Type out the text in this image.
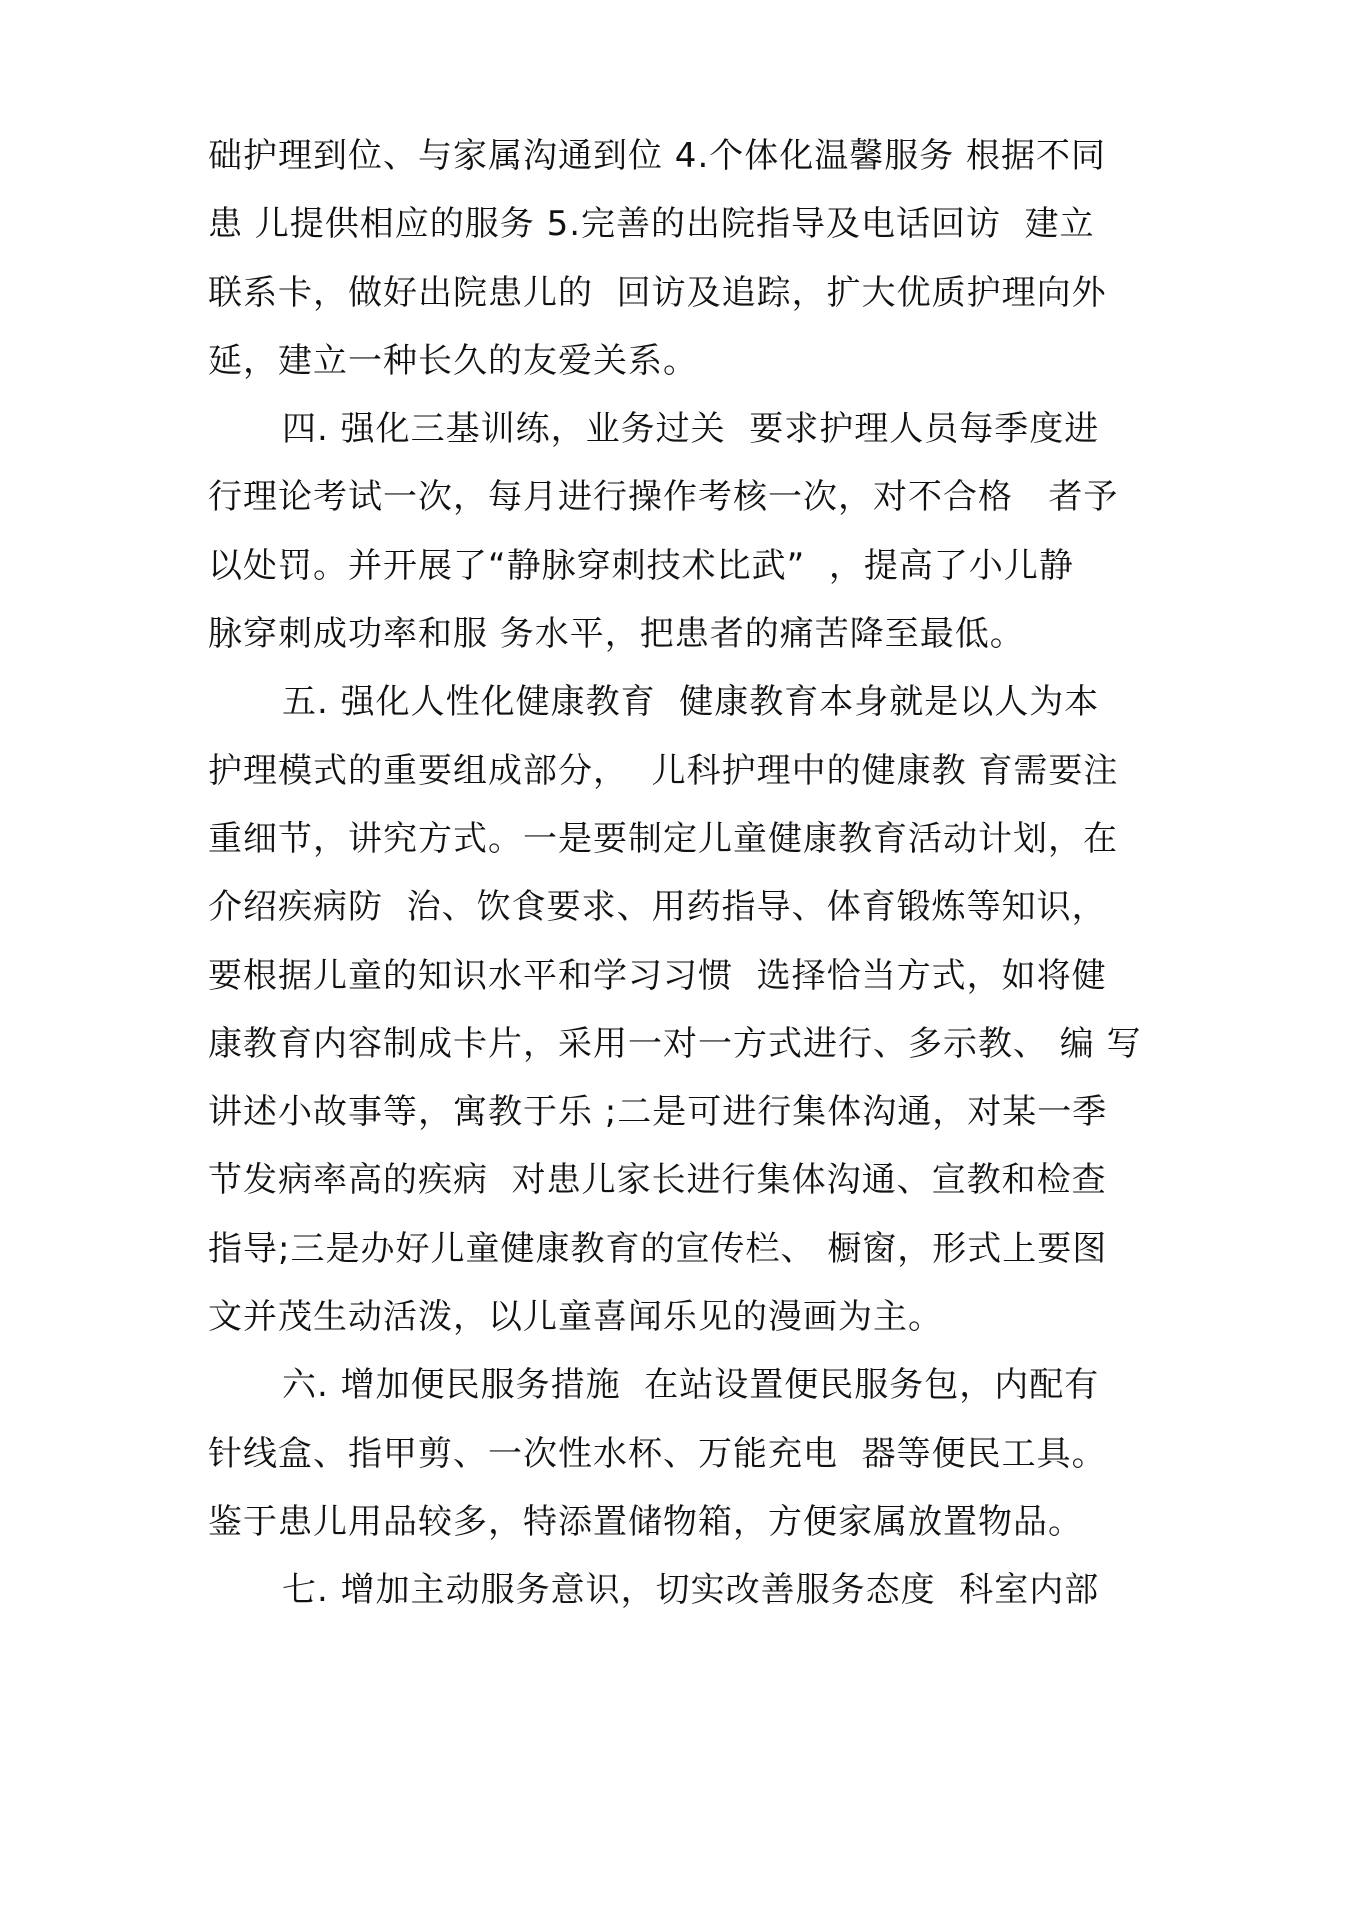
础护理到位、与家属沟通到位 4.个体化温馨服务 根据不同
患 儿提供相应的服务 5.完善的出院指导及电话回访  建立
联系卡，做好出院患儿的  回访及追踪，扩大优质护理向外
延，建立一种长久的友爱关系。
四. 强化三基训练，业务过关  要求护理人员每季度进
行理论考试一次，每月进行操作考核一次，对不合格   者予
以处罚。并开展了“静脉穿刺技术比武”  ，提高了小儿静
脉穿刺成功率和服 务水平，把患者的痛苦降至最低。
五. 强化人性化健康教育  健康教育本身就是以人为本
护理模式的重要组成部分，  儿科护理中的健康教 育需要注
重细节，讲究方式。一是要制定儿童健康教育活动计划，在
介绍疾病防  治、饮食要求、用药指导、体育锻炼等知识，
要根据儿童的知识水平和学习习惯  选择恰当方式，如将健
康教育内容制成卡片，采用一对一方式进行、多示教、 编 写
讲述小故事等，寓教于乐 ;二是可进行集体沟通，对某一季
节发病率高的疾病  对患儿家长进行集体沟通、宣教和检查
指导;三是办好儿童健康教育的宣传栏、 橱窗，形式上要图
文并茂生动活泼，以儿童喜闻乐见的漫画为主。
六. 增加便民服务措施  在站设置便民服务包，内配有
针线盒、指甲剪、一次性水杯、万能充电  器等便民工具。
鉴于患儿用品较多，特添置储物箱，方便家属放置物品。
七. 增加主动服务意识，切实改善服务态度  科室内部
